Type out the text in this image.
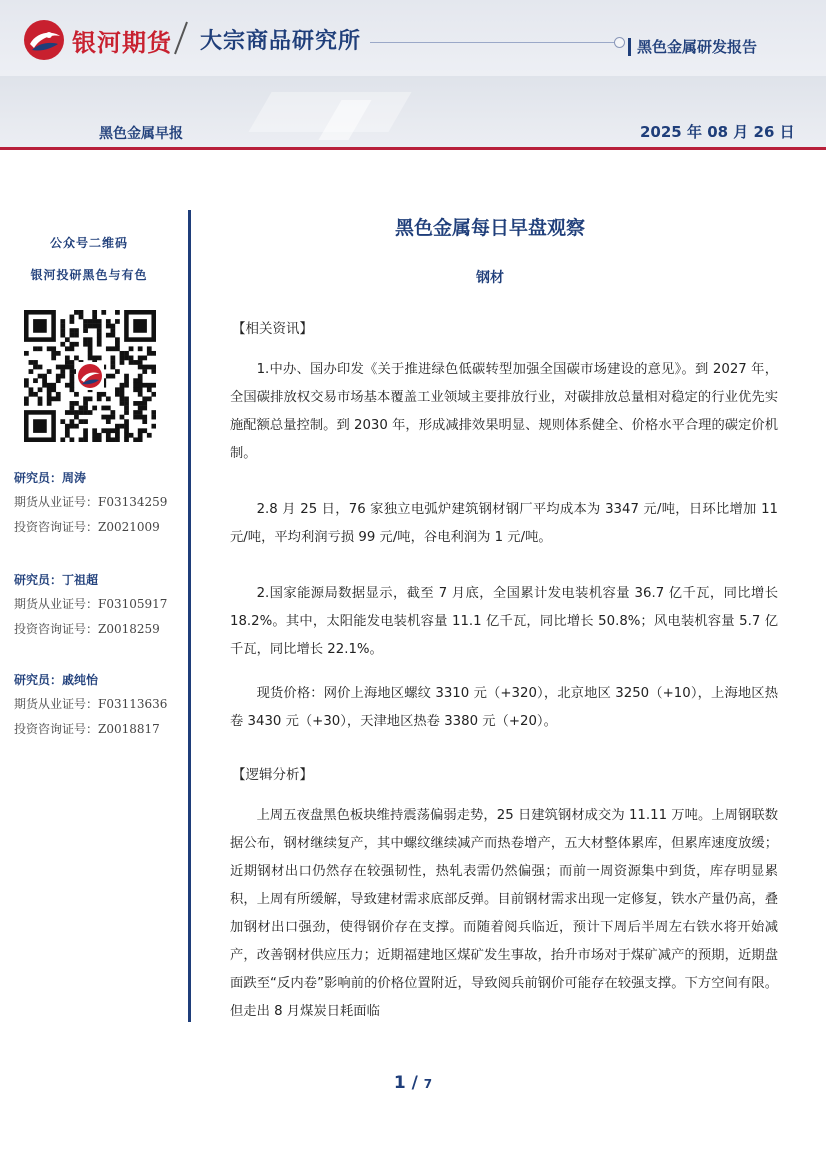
银河期货 大宗商品研究所	黑色金属研发报告
黑色金属早报	2025 年 08 月 26 日
公众号二维码
银河投研黑色与有色
研究员：周涛
期货从业证号：F03134259
投资咨询证号：Z0021009
研究员：丁祖超
期货从业证号：F03105917
投资咨询证号：Z0018259
研究员：戚纯怡
期货从业证号：F03113636
投资咨询证号：Z0018817
黑色金属每日早盘观察
钢材
【相关资讯】
1.中办、国办印发《关于推进绿色低碳转型加强全国碳市场建设的意见》。到 2027 年，全国碳排放权交易市场基本覆盖工业领域主要排放行业，对碳排放总量相对稳定的行业优先实施配额总量控制。到 2030 年，形成减排效果明显、规则体系健全、价格水平合理的碳定价机制。
2.8 月 25 日，76 家独立电弧炉建筑钢材钢厂平均成本为 3347 元/吨，日环比增加 11 元/吨，平均利润亏损 99 元/吨，谷电利润为 1 元/吨。
2.国家能源局数据显示，截至 7 月底，全国累计发电装机容量 36.7 亿千瓦，同比增长 18.2%。其中，太阳能发电装机容量 11.1 亿千瓦，同比增长 50.8%；风电装机容量 5.7 亿千瓦，同比增长 22.1%。
现货价格：网价上海地区螺纹 3310 元（+320），北京地区 3250（+10），上海地区热卷 3430 元（+30），天津地区热卷 3380 元（+20）。
【逻辑分析】
上周五夜盘黑色板块维持震荡偏弱走势，25 日建筑钢材成交为 11.11 万吨。上周钢联数据公布，钢材继续复产，其中螺纹继续减产而热卷增产，五大材整体累库，但累库速度放缓；近期钢材出口仍然存在较强韧性，热轧表需仍然偏强；而前一周资源集中到货，库存明显累积，上周有所缓解，导致建材需求底部反弹。目前钢材需求出现一定修复，铁水产量仍高，叠加钢材出口强劲，使得钢价存在支撑。而随着阅兵临近，预计下周后半周左右铁水将开始减产，改善钢材供应压力；近期福建地区煤矿发生事故，抬升市场对于煤矿减产的预期，近期盘面跌至“反内卷”影响前的价格位置附近，导致阅兵前钢价可能存在较强支撑。下方空间有限。但走出 8 月煤炭日耗面临
1 / 7
